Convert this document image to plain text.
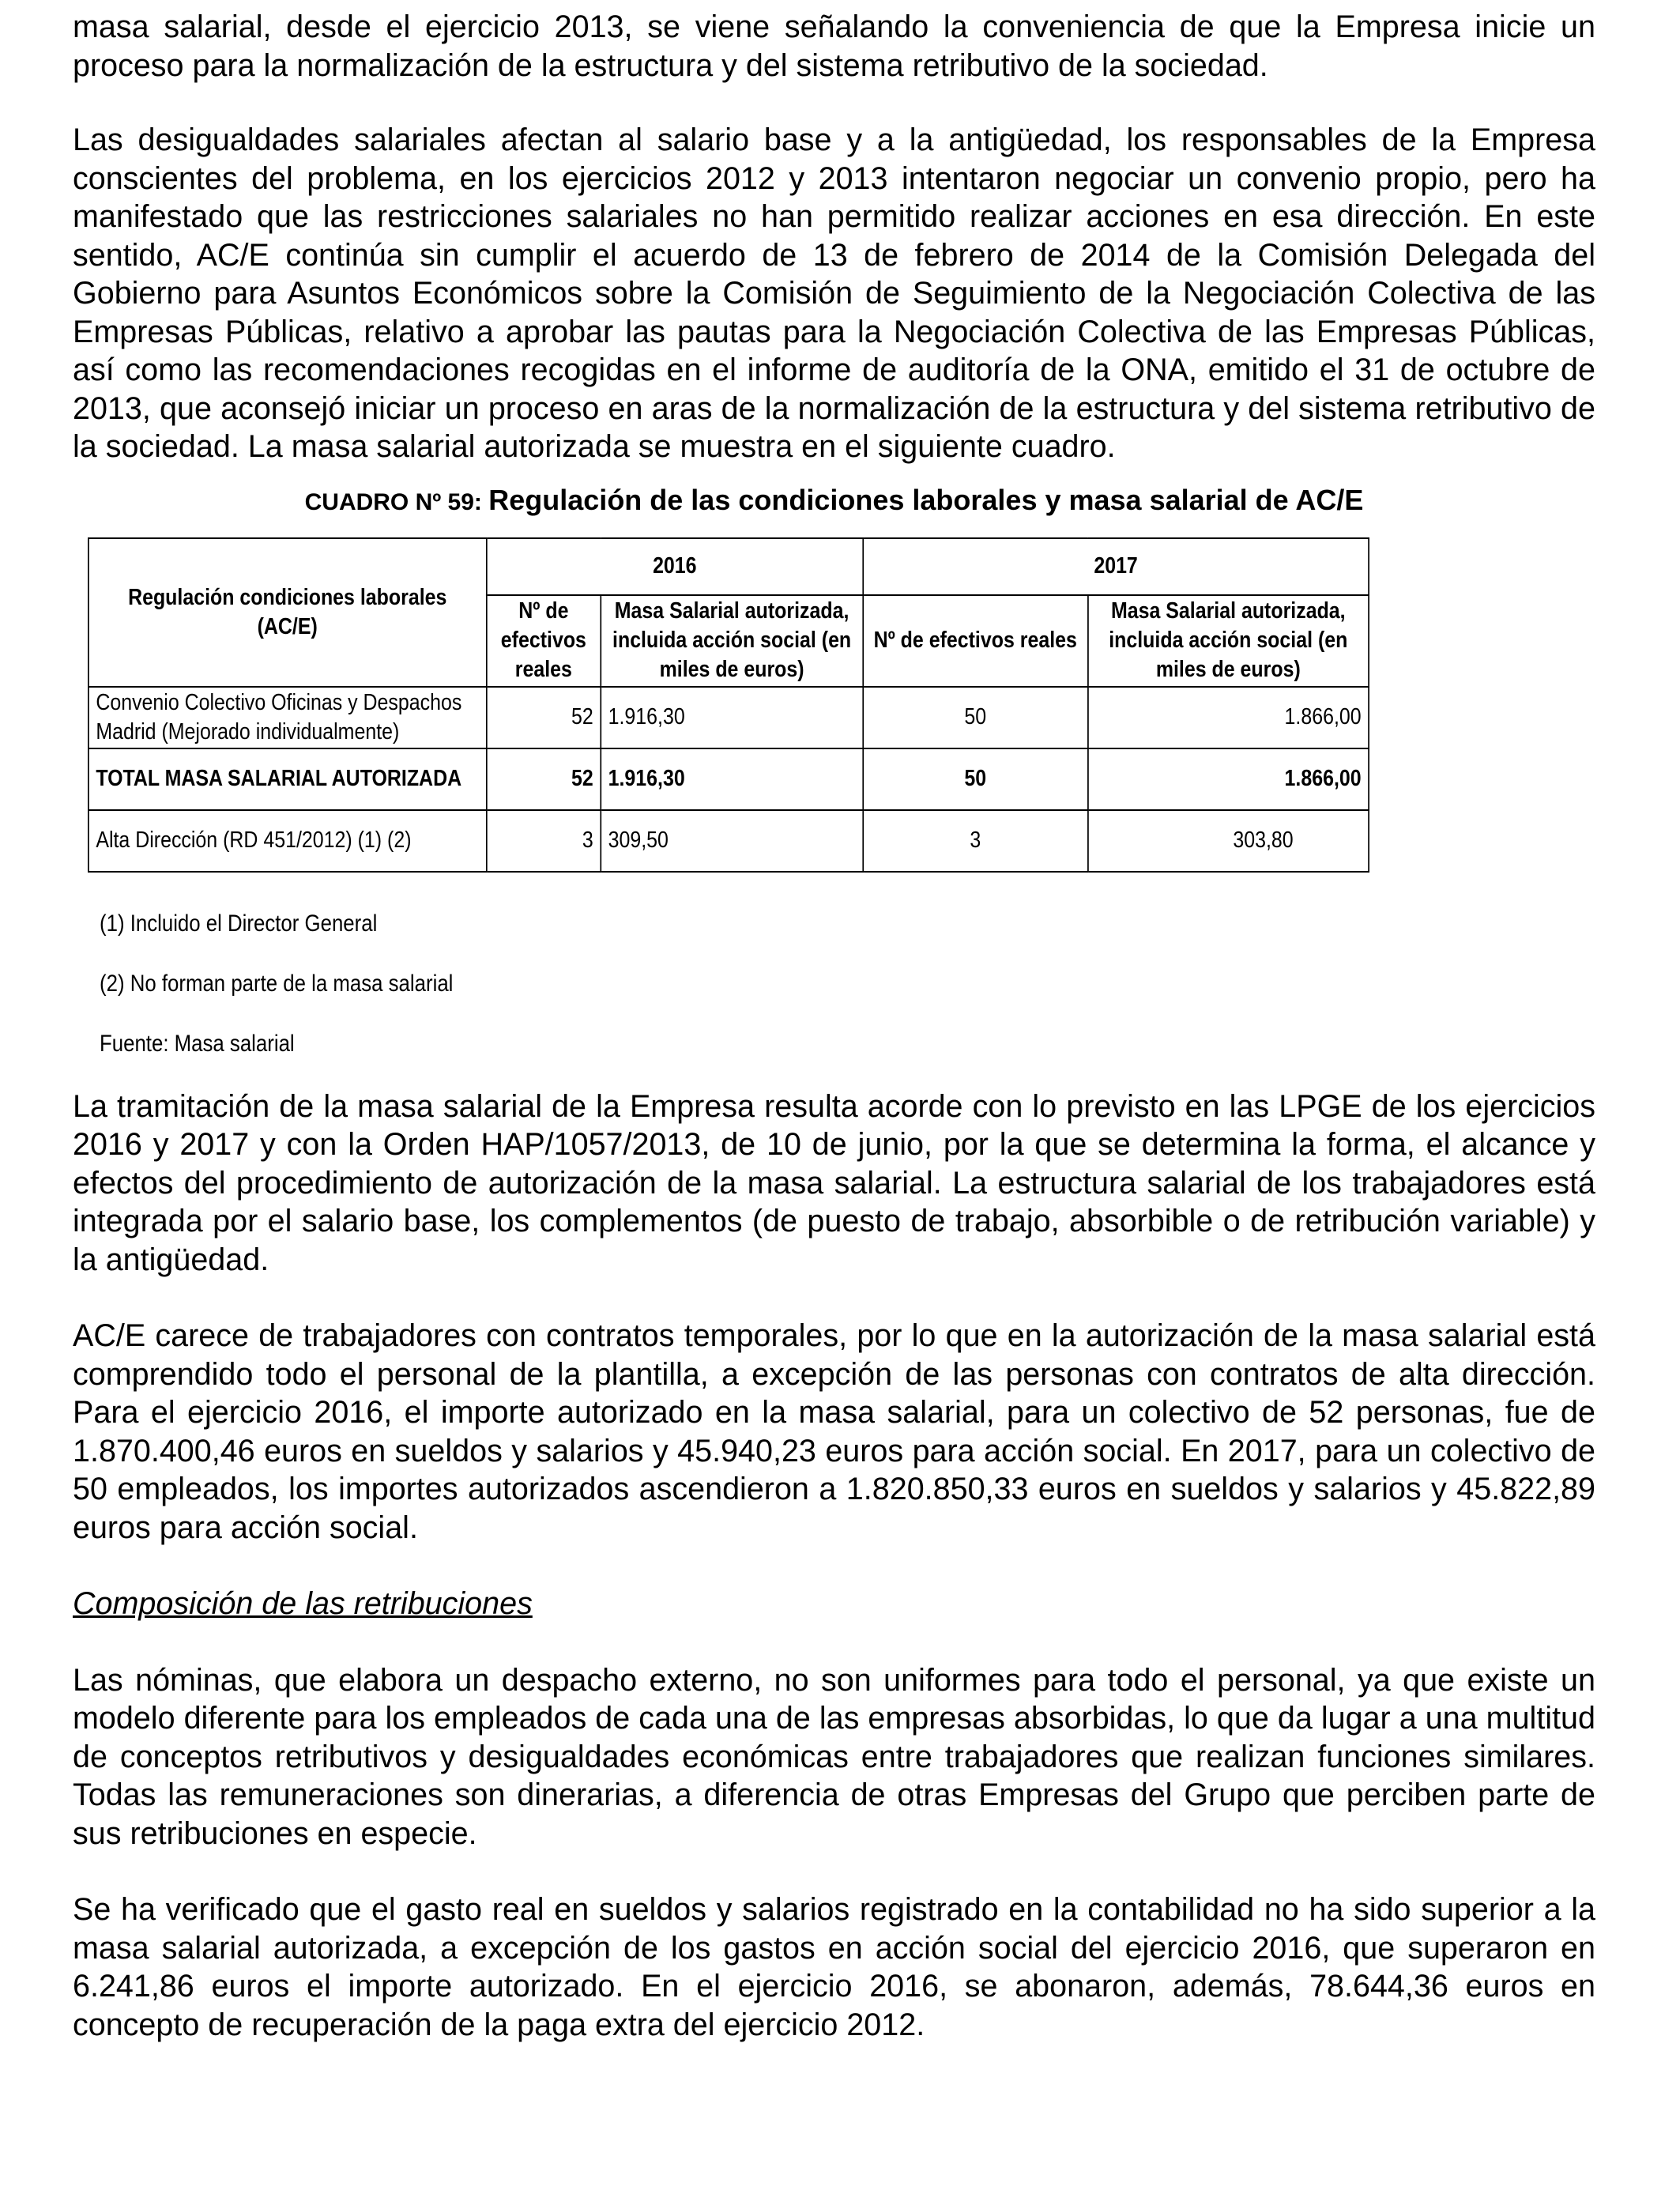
masa salarial, desde el ejercicio 2013, se viene señalando la conveniencia de que la Empresa inicie un proceso para la normalización de la estructura y del sistema retributivo de la sociedad.

Las desigualdades salariales afectan al salario base y a la antigüedad, los responsables de la Empresa conscientes del problema, en los ejercicios 2012 y 2013 intentaron negociar un convenio propio, pero ha manifestado que las restricciones salariales no han permitido realizar acciones en esa dirección. En este sentido, AC/E continúa sin cumplir el acuerdo de 13 de febrero de 2014 de la Comisión Delegada del Gobierno para Asuntos Económicos sobre la Comisión de Seguimiento de la Negociación Colectiva de las Empresas Públicas, relativo a aprobar las pautas para la Negociación Colectiva de las Empresas Públicas, así como las recomendaciones recogidas en el informe de auditoría de la ONA, emitido el 31 de octubre de 2013, que aconsejó iniciar un proceso en aras de la normalización de la estructura y del sistema retributivo de la sociedad. La masa salarial autorizada se muestra en el siguiente cuadro.

CUADRO Nº 59: Regulación de las condiciones laborales y masa salarial de AC/E
Regulación condiciones laborales (AC/E)	2016		2017	
	Nº de efectivos reales	Masa Salarial autorizada, incluida acción social (en miles de euros)	Nº de efectivos reales	Masa Salarial autorizada, incluida acción social (en miles de euros)
Convenio Colectivo Oficinas y Despachos Madrid (Mejorado individualmente)	52	1.916,30	50	1.866,00
TOTAL MASA SALARIAL AUTORIZADA	52	1.916,30	50	1.866,00
Alta Dirección (RD 451/2012) (1) (2)	3	309,50	3	303,80
(1) Incluido el Director General
(2) No forman parte de la masa salarial
Fuente: Masa salarial

La tramitación de la masa salarial de la Empresa resulta acorde con lo previsto en las LPGE de los ejercicios 2016 y 2017 y con la Orden HAP/1057/2013, de 10 de junio, por la que se determina la forma, el alcance y efectos del procedimiento de autorización de la masa salarial. La estructura salarial de los trabajadores está integrada por el salario base, los complementos (de puesto de trabajo, absorbible o de retribución variable) y la antigüedad.

AC/E carece de trabajadores con contratos temporales, por lo que en la autorización de la masa salarial está comprendido todo el personal de la plantilla, a excepción de las personas con contratos de alta dirección. Para el ejercicio 2016, el importe autorizado en la masa salarial, para un colectivo de 52 personas, fue de 1.870.400,46 euros en sueldos y salarios y 45.940,23 euros para acción social. En 2017, para un colectivo de 50 empleados, los importes autorizados ascendieron a 1.820.850,33 euros en sueldos y salarios y 45.822,89 euros para acción social.

Composición de las retribuciones

Las nóminas, que elabora un despacho externo, no son uniformes para todo el personal, ya que existe un modelo diferente para los empleados de cada una de las empresas absorbidas, lo que da lugar a una multitud de conceptos retributivos y desigualdades económicas entre trabajadores que realizan funciones similares. Todas las remuneraciones son dinerarias, a diferencia de otras Empresas del Grupo que perciben parte de sus retribuciones en especie.

Se ha verificado que el gasto real en sueldos y salarios registrado en la contabilidad no ha sido superior a la masa salarial autorizada, a excepción de los gastos en acción social del ejercicio 2016, que superaron en 6.241,86 euros el importe autorizado. En el ejercicio 2016, se abonaron, además, 78.644,36 euros en concepto de recuperación de la paga extra del ejercicio 2012.
